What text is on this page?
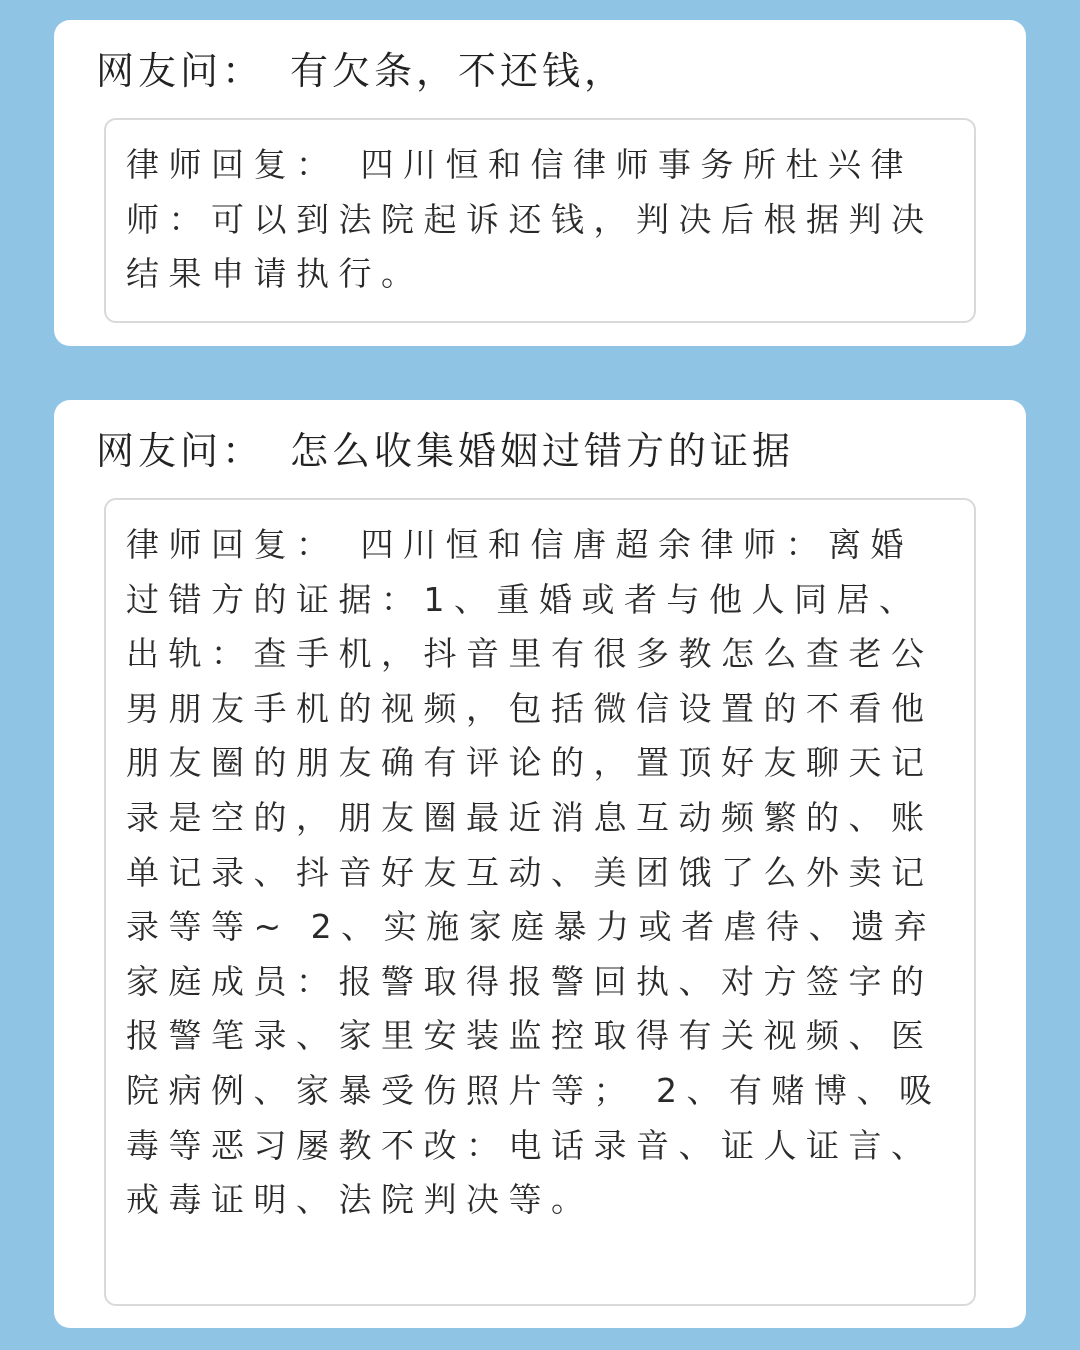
网友问： 有欠条，不还钱，
律师回复： 四川恒和信律师事务所杜兴律师：可以到法院起诉还钱，判决后根据判决结果申请执行。
网友问： 怎么收集婚姻过错方的证据
律师回复： 四川恒和信唐超余律师：离婚过错方的证据：1、重婚或者与他人同居、出轨：查手机，抖音里有很多教怎么查老公男朋友手机的视频，包括微信设置的不看他朋友圈的朋友确有评论的，置顶好友聊天记录是空的，朋友圈最近消息互动频繁的、账单记录、抖音好友互动、美团饿了么外卖记录等等~ 2、实施家庭暴力或者虐待、遗弃家庭成员：报警取得报警回执、对方签字的报警笔录、家里安装监控取得有关视频、医院病例、家暴受伤照片等； 2、有赌博、吸毒等恶习屡教不改：电话录音、证人证言、戒毒证明、法院判决等。
